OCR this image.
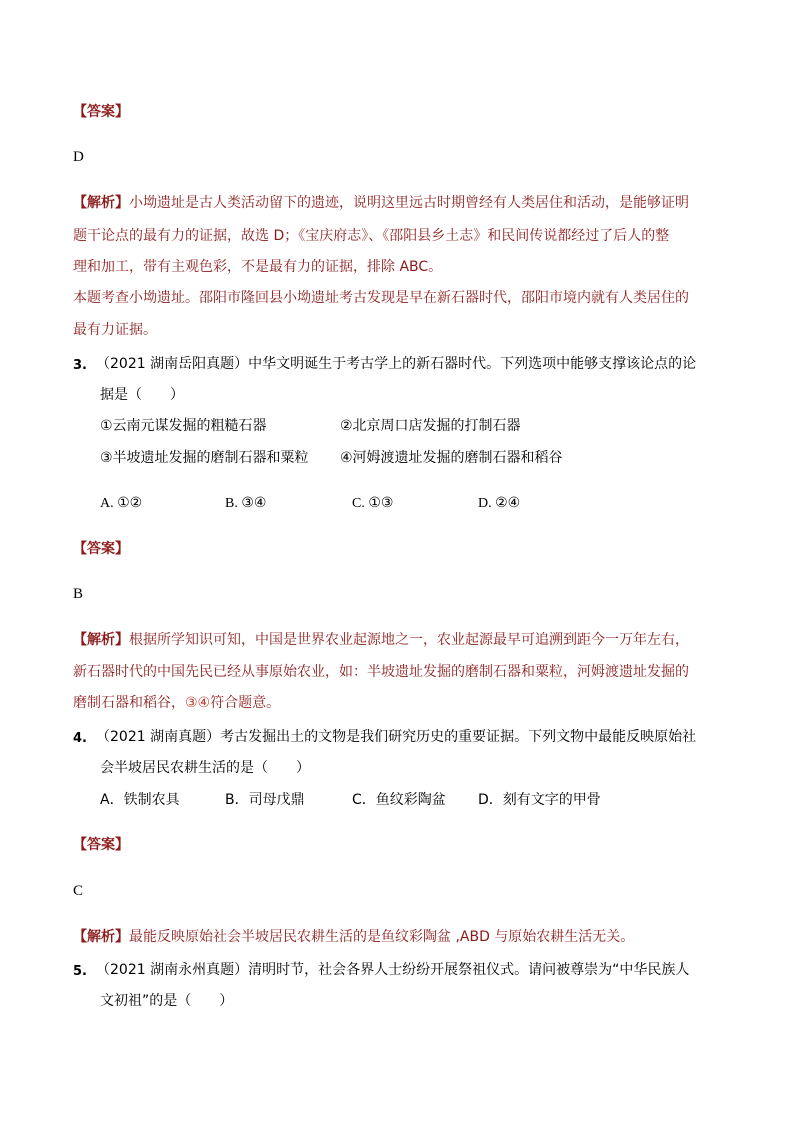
【答案】
D
【解析】小坳遗址是古人类活动留下的遗迹，说明这里远古时期曾经有人类居住和活动，是能够证明
题干论点的最有力的证据，故选 D；《宝庆府志》、《邵阳县乡土志》和民间传说都经过了后人的整
理和加工，带有主观色彩，不是最有力的证据，排除 ABC。
本题考查小坳遗址。邵阳市隆回县小坳遗址考古发现是早在新石器时代，邵阳市境内就有人类居住的
最有力证据。
3. （2021 湖南岳阳真题）中华文明诞生于考古学上的新石器时代。下列选项中能够支撑该论点的论
据是（　　）
①云南元谋发掘的粗糙石器	②北京周口店发掘的打制石器
③半坡遗址发掘的磨制石器和粟粒 ④河姆渡遗址发掘的磨制石器和稻谷
A. ①②	B. ③④	C. ①③	D. ②④
【答案】
B
【解析】根据所学知识可知，中国是世界农业起源地之一，农业起源最早可追溯到距今一万年左右，
新石器时代的中国先民已经从事原始农业，如：半坡遗址发掘的磨制石器和粟粒，河姆渡遗址发掘的
磨制石器和稻谷，③④符合题意。
4. （2021 湖南真题）考古发掘出土的文物是我们研究历史的重要证据。下列文物中最能反映原始社
会半坡居民农耕生活的是（　　）
A．铁制农具	B．司母戊鼎	C．鱼纹彩陶盆 D．刻有文字的甲骨
【答案】
C
【解析】最能反映原始社会半坡居民农耕生活的是鱼纹彩陶盆 ,ABD 与原始农耕生活无关。
5. （2021 湖南永州真题）清明时节，社会各界人士纷纷开展祭祖仪式。请问被尊崇为“中华民族人
文初祖”的是（　　）
